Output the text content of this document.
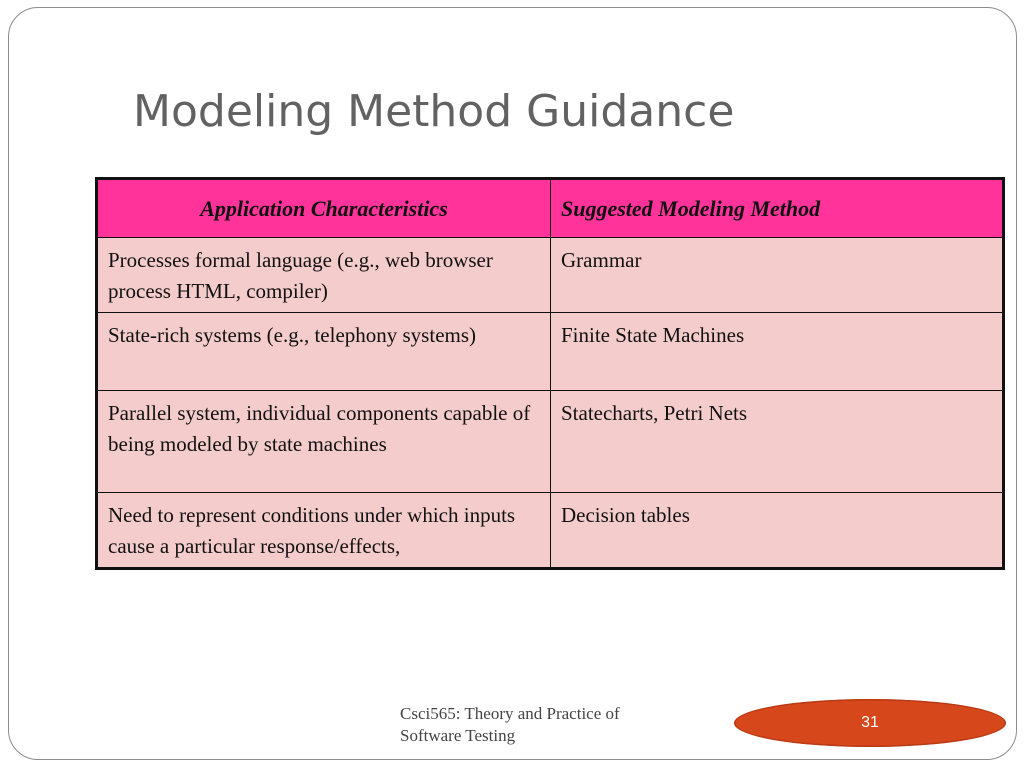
Modeling Method Guidance
Application Characteristics	Suggested Modeling Method
Processes formal language (e.g., web browser process HTML, compiler)	Grammar
State-rich systems (e.g., telephony systems)	Finite State Machines
Parallel system, individual components capable of being modeled by state machines	Statecharts, Petri Nets
Need to represent conditions under which inputs cause a particular response/effects,	Decision tables
Csci565: Theory and Practice of
Software Testing
31
